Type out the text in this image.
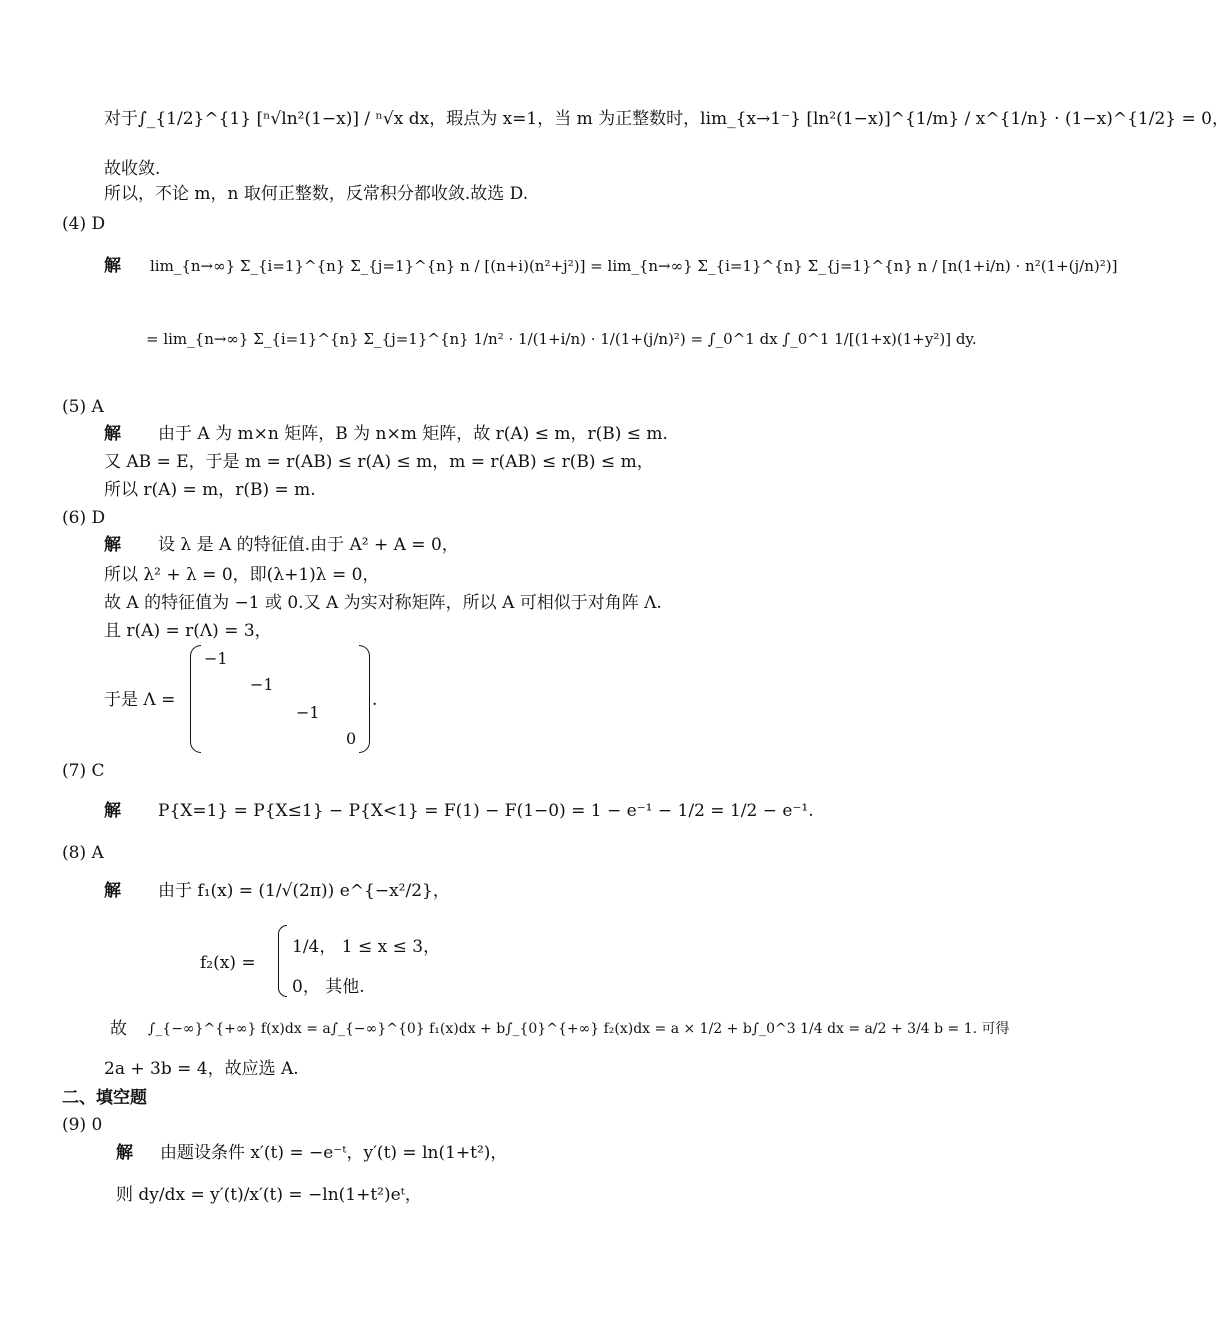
对于∫_{1/2}^{1} [ⁿ√ln²(1−x)] / ⁿ√x dx，瑕点为 x=1，当 m 为正整数时，lim_{x→1⁻} [ln²(1−x)]^{1/m} / x^{1/n} · (1−x)^{1/2} = 0，
故收敛.
所以，不论 m，n 取何正整数，反常积分都收敛.故选 D.
(4) D
解 lim_{n→∞} Σ_{i=1}^{n} Σ_{j=1}^{n} n / [(n+i)(n²+j²)] = lim_{n→∞} Σ_{i=1}^{n} Σ_{j=1}^{n} n / [n(1+i/n) · n²(1+(j/n)²)]
= lim_{n→∞} Σ_{i=1}^{n} Σ_{j=1}^{n} 1/n² · 1/(1+i/n) · 1/(1+(j/n)²) = ∫_0^1 dx ∫_0^1 1/[(1+x)(1+y²)] dy.
(5) A
解 由于 A 为 m×n 矩阵，B 为 n×m 矩阵，故 r(A) ≤ m，r(B) ≤ m.
又 AB = E，于是 m = r(AB) ≤ r(A) ≤ m，m = r(AB) ≤ r(B) ≤ m，
所以 r(A) = m，r(B) = m.
(6) D
解 设 λ 是 A 的特征值.由于 A² + A = 0，
所以 λ² + λ = 0，即(λ+1)λ = 0，
故 A 的特征值为 −1 或 0.又 A 为实对称矩阵，所以 A 可相似于对角阵 Λ.
且 r(A) = r(Λ) = 3，
于是 Λ =
−1
−1
−1
0
.
(7) C
解 P{X=1} = P{X≤1} − P{X<1} = F(1) − F(1−0) = 1 − e⁻¹ − 1/2 = 1/2 − e⁻¹.
(8) A
解 由于 f₁(x) = (1/√(2π)) e^{−x²/2}，
f₂(x) =
1/4， 1 ≤ x ≤ 3，
0， 其他.
故 ∫_{−∞}^{+∞} f(x)dx = a∫_{−∞}^{0} f₁(x)dx + b∫_{0}^{+∞} f₂(x)dx = a × 1/2 + b∫_0^3 1/4 dx = a/2 + 3/4 b = 1. 可得
2a + 3b = 4，故应选 A.
二、填空题
(9) 0
解 由题设条件 x′(t) = −e⁻ᵗ，y′(t) = ln(1+t²)，
则 dy/dx = y′(t)/x′(t) = −ln(1+t²)eᵗ，
